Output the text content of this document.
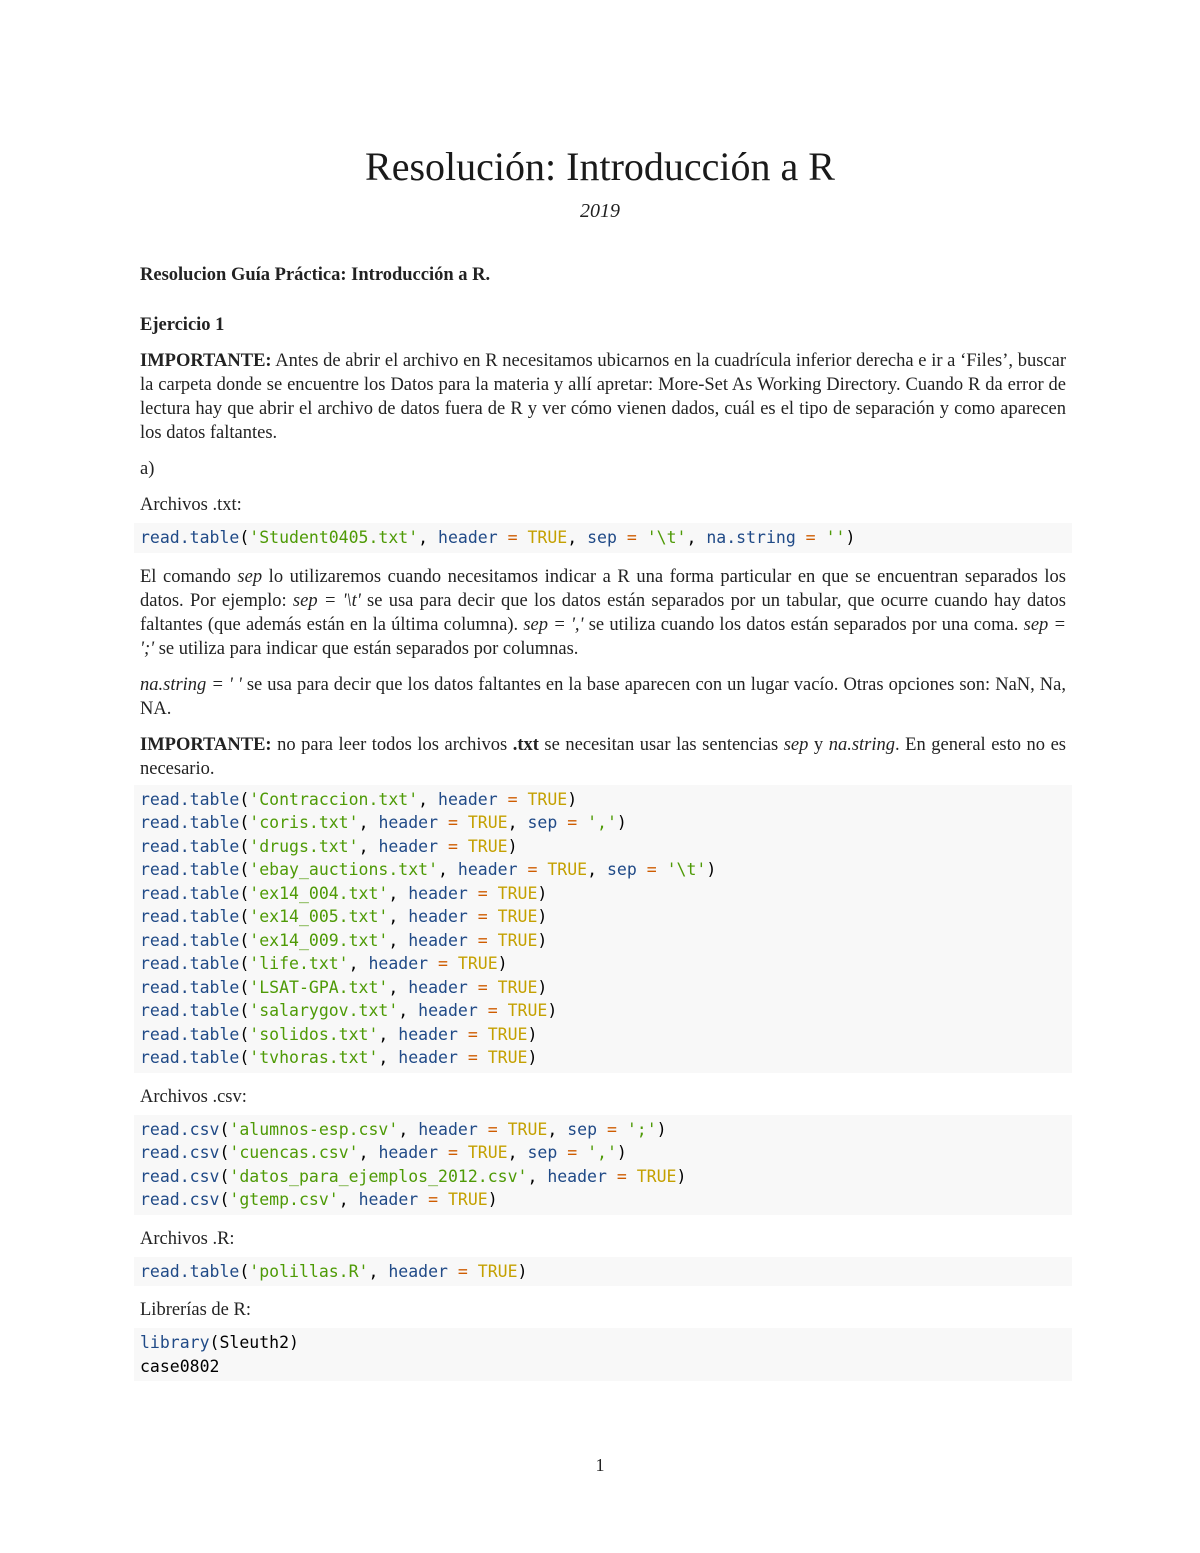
Resolución: Introducción a R
2019
Resolucion Guía Práctica: Introducción a R.
Ejercicio 1

IMPORTANTE: Antes de abrir el archivo en R necesitamos ubicarnos en la cuadrícula inferior derecha e ir a ‘Files’, buscar la carpeta donde se encuentre los Datos para la materia y allí apretar: More-Set As Working Directory. Cuando R da error de lectura hay que abrir el archivo de datos fuera de R y ver cómo vienen dados, cuál es el tipo de separación y como aparecen los datos faltantes.

a)

Archivos .txt:

read.table('Student0405.txt', header = TRUE, sep = '\t', na.string = '')

El comando sep lo utilizaremos cuando necesitamos indicar a R una forma particular en que se encuentran separados los datos. Por ejemplo: sep = '\t' se usa para decir que los datos están separados por un tabular, que ocurre cuando hay datos faltantes (que además están en la última columna). sep = ',' se utiliza cuando los datos están separados por una coma. sep = ';' se utiliza para indicar que están separados por columnas.

na.string = ' ' se usa para decir que los datos faltantes en la base aparecen con un lugar vacío. Otras opciones son: NaN, Na, NA.

IMPORTANTE: no para leer todos los archivos .txt se necesitan usar las sentencias sep y na.string. En general esto no es necesario.

read.table('Contraccion.txt', header = TRUE)
read.table('coris.txt', header = TRUE, sep = ',')
read.table('drugs.txt', header = TRUE)
read.table('ebay_auctions.txt', header = TRUE, sep = '\t')
read.table('ex14_004.txt', header = TRUE)
read.table('ex14_005.txt', header = TRUE)
read.table('ex14_009.txt', header = TRUE)
read.table('life.txt', header = TRUE)
read.table('LSAT-GPA.txt', header = TRUE)
read.table('salarygov.txt', header = TRUE)
read.table('solidos.txt', header = TRUE)
read.table('tvhoras.txt', header = TRUE)

Archivos .csv:

read.csv('alumnos-esp.csv', header = TRUE, sep = ';')
read.csv('cuencas.csv', header = TRUE, sep = ',')
read.csv('datos_para_ejemplos_2012.csv', header = TRUE)
read.csv('gtemp.csv', header = TRUE)

Archivos .R:

read.table('polillas.R', header = TRUE)

Librerías de R:

library(Sleuth2)
case0802
1
